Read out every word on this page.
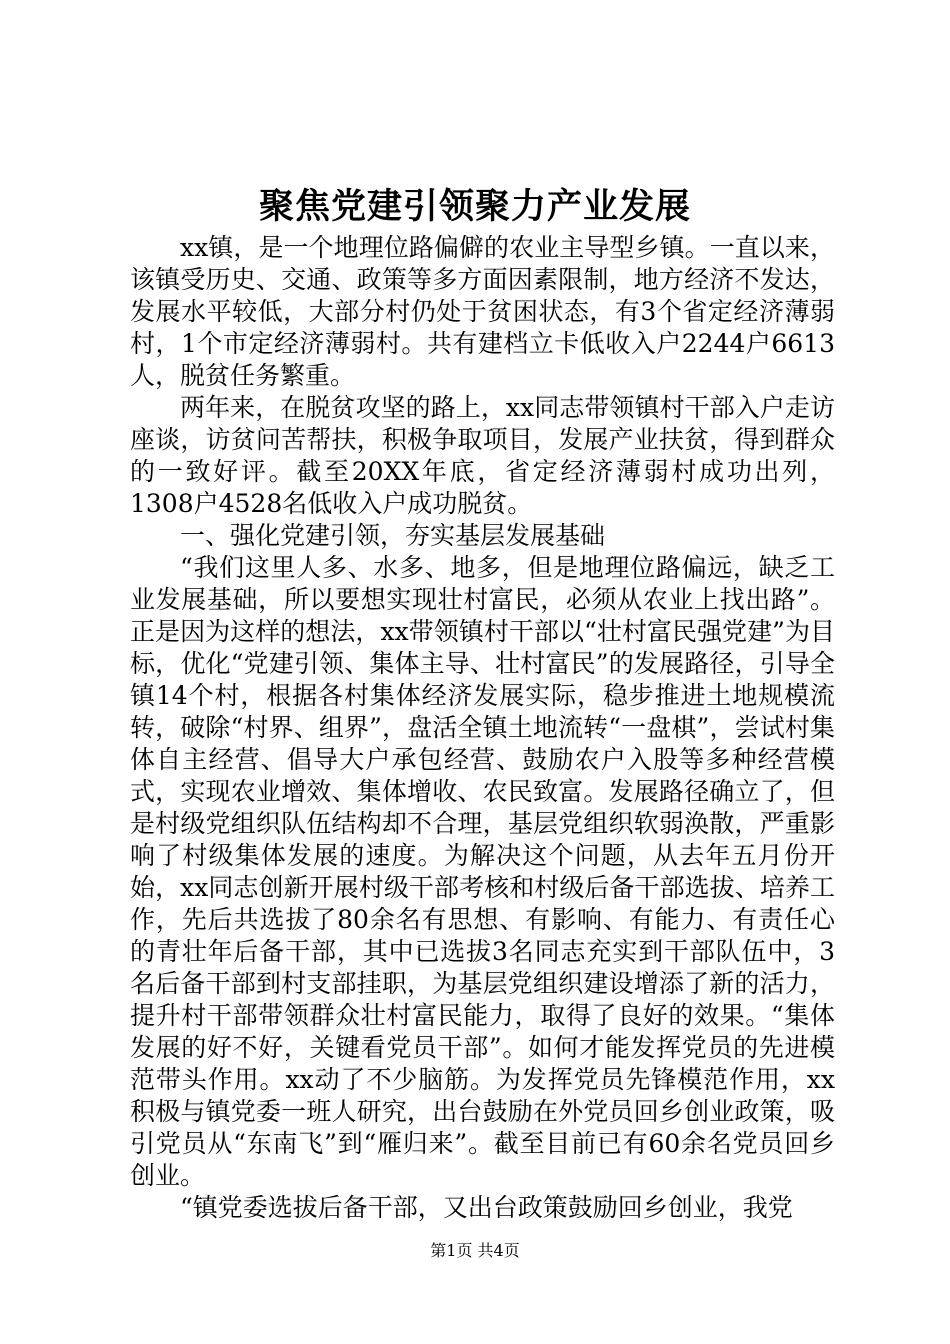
聚焦党建引领聚力产业发展

xx镇，是一个地理位路偏僻的农业主导型乡镇。一直以来，该镇受历史、交通、政策等多方面因素限制，地方经济不发达，发展水平较低，大部分村仍处于贫困状态，有3个省定经济薄弱村，1个市定经济薄弱村。共有建档立卡低收入户2244户6613人，脱贫任务繁重。

两年来，在脱贫攻坚的路上，xx同志带领镇村干部入户走访座谈，访贫问苦帮扶，积极争取项目，发展产业扶贫，得到群众的一致好评。截至20XX年底，省定经济薄弱村成功出列，1308户4528名低收入户成功脱贫。

一、强化党建引领，夯实基层发展基础

“我们这里人多、水多、地多，但是地理位路偏远，缺乏工业发展基础，所以要想实现壮村富民，必须从农业上找出路”。正是因为这样的想法，xx带领镇村干部以“壮村富民强党建”为目标，优化“党建引领、集体主导、壮村富民”的发展路径，引导全镇14个村，根据各村集体经济发展实际，稳步推进土地规模流转，破除“村界、组界”，盘活全镇土地流转“一盘棋”，尝试村集体自主经营、倡导大户承包经营、鼓励农户入股等多种经营模式，实现农业增效、集体增收、农民致富。发展路径确立了，但是村级党组织队伍结构却不合理，基层党组织软弱涣散，严重影响了村级集体发展的速度。为解决这个问题，从去年五月份开始，xx同志创新开展村级干部考核和村级后备干部选拔、培养工作，先后共选拔了80余名有思想、有影响、有能力、有责任心的青壮年后备干部，其中已选拔3名同志充实到干部队伍中，3名后备干部到村支部挂职，为基层党组织建设增添了新的活力，提升村干部带领群众壮村富民能力，取得了良好的效果。“集体发展的好不好，关键看党员干部”。如何才能发挥党员的先进模范带头作用。xx动了不少脑筋。为发挥党员先锋模范作用，xx积极与镇党委一班人研究，出台鼓励在外党员回乡创业政策，吸引党员从“东南飞”到“雁归来”。截至目前已有60余名党员回乡创业。

“镇党委选拔后备干部，又出台政策鼓励回乡创业，我党

第1页 共4页
